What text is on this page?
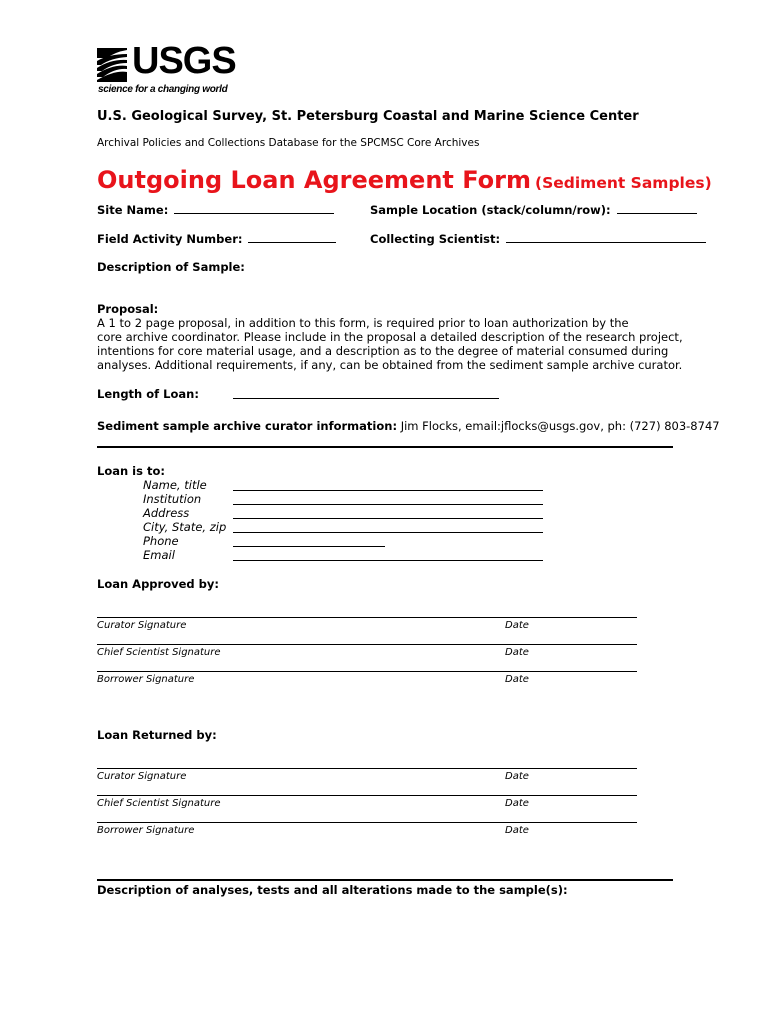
USGS
science for a changing world
U.S. Geological Survey, St. Petersburg Coastal and Marine Science Center
Archival Policies and Collections Database for the SPCMSC Core Archives
Outgoing Loan Agreement Form (Sediment Samples)
Site Name:	Sample Location (stack/column/row):
Field Activity Number:	Collecting Scientist:
Description of Sample:
Proposal:
A 1 to 2 page proposal, in addition to this form, is required prior to loan authorization by the
core archive coordinator. Please include in the proposal a detailed description of the research project,
intentions for core material usage, and a description as to the degree of material consumed during
analyses. Additional requirements, if any, can be obtained from the sediment sample archive curator.
Length of Loan:
Sediment sample archive curator information: Jim Flocks, email:jflocks@usgs.gov, ph: (727) 803-8747
Loan is to:
Name, title
Institution
Address
City, State, zip
Phone
Email
Loan Approved by:
Curator Signature	Date
Chief Scientist Signature	Date
Borrower Signature	Date
Loan Returned by:
Curator Signature	Date
Chief Scientist Signature	Date
Borrower Signature	Date
Description of analyses, tests and all alterations made to the sample(s):
